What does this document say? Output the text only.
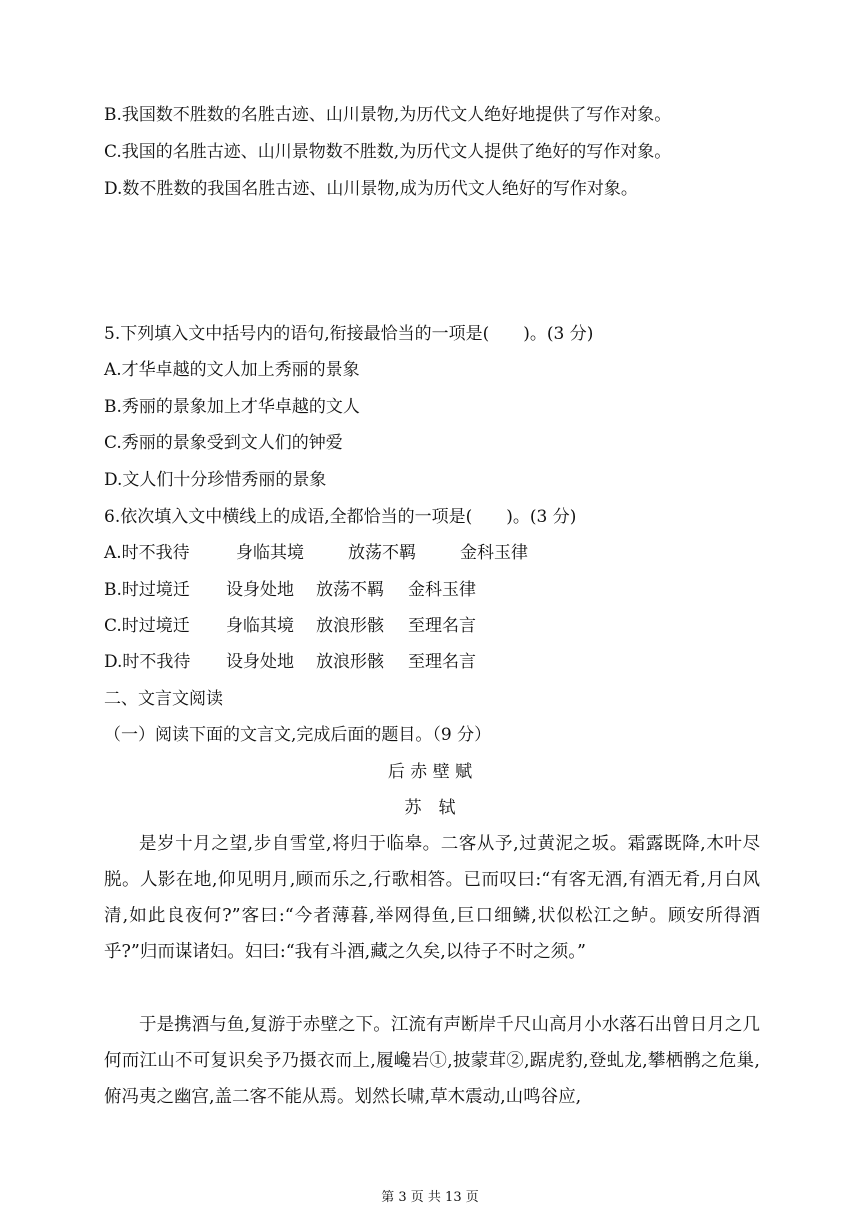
B.我国数不胜数的名胜古迹、山川景物,为历代文人绝好地提供了写作对象。
C.我国的名胜古迹、山川景物数不胜数,为历代文人提供了绝好的写作对象。
D.数不胜数的我国名胜古迹、山川景物,成为历代文人绝好的写作对象。
5.下列填入文中括号内的语句,衔接最恰当的一项是(　　)。(3 分)
A.才华卓越的文人加上秀丽的景象
B.秀丽的景象加上才华卓越的文人
C.秀丽的景象受到文人们的钟爱
D.文人们十分珍惜秀丽的景象
6.依次填入文中横线上的成语,全都恰当的一项是(　　)。(3 分)
A.时不我待	身临其境	放荡不羁	金科玉律
B.时过境迁 设身处地 放荡不羁 金科玉律
C.时过境迁 身临其境 放浪形骸 至理名言
D.时不我待 设身处地 放浪形骸 至理名言
二、文言文阅读
（一）阅读下面的文言文,完成后面的题目。（9 分）
后 赤 壁 赋
苏　轼
是岁十月之望,步自雪堂,将归于临皋。二客从予,过黄泥之坂。霜露既降,木叶尽脱。人影在地,仰见明月,顾而乐之,行歌相答。已而叹曰:“有客无酒,有酒无肴,月白风清,如此良夜何?”客曰:“今者薄暮,举网得鱼,巨口细鳞,状似松江之鲈。顾安所得酒乎?”归而谋诸妇。妇曰:“我有斗酒,藏之久矣,以待子不时之须。”
于是携酒与鱼,复游于赤壁之下。江流有声断岸千尺山高月小水落石出曾日月之几何而江山不可复识矣予乃摄衣而上,履巉岩①,披蒙茸②,踞虎豹,登虬龙,攀栖鹘之危巢,俯冯夷之幽宫,盖二客不能从焉。划然长啸,草木震动,山鸣谷应,
第 3 页 共 13 页
